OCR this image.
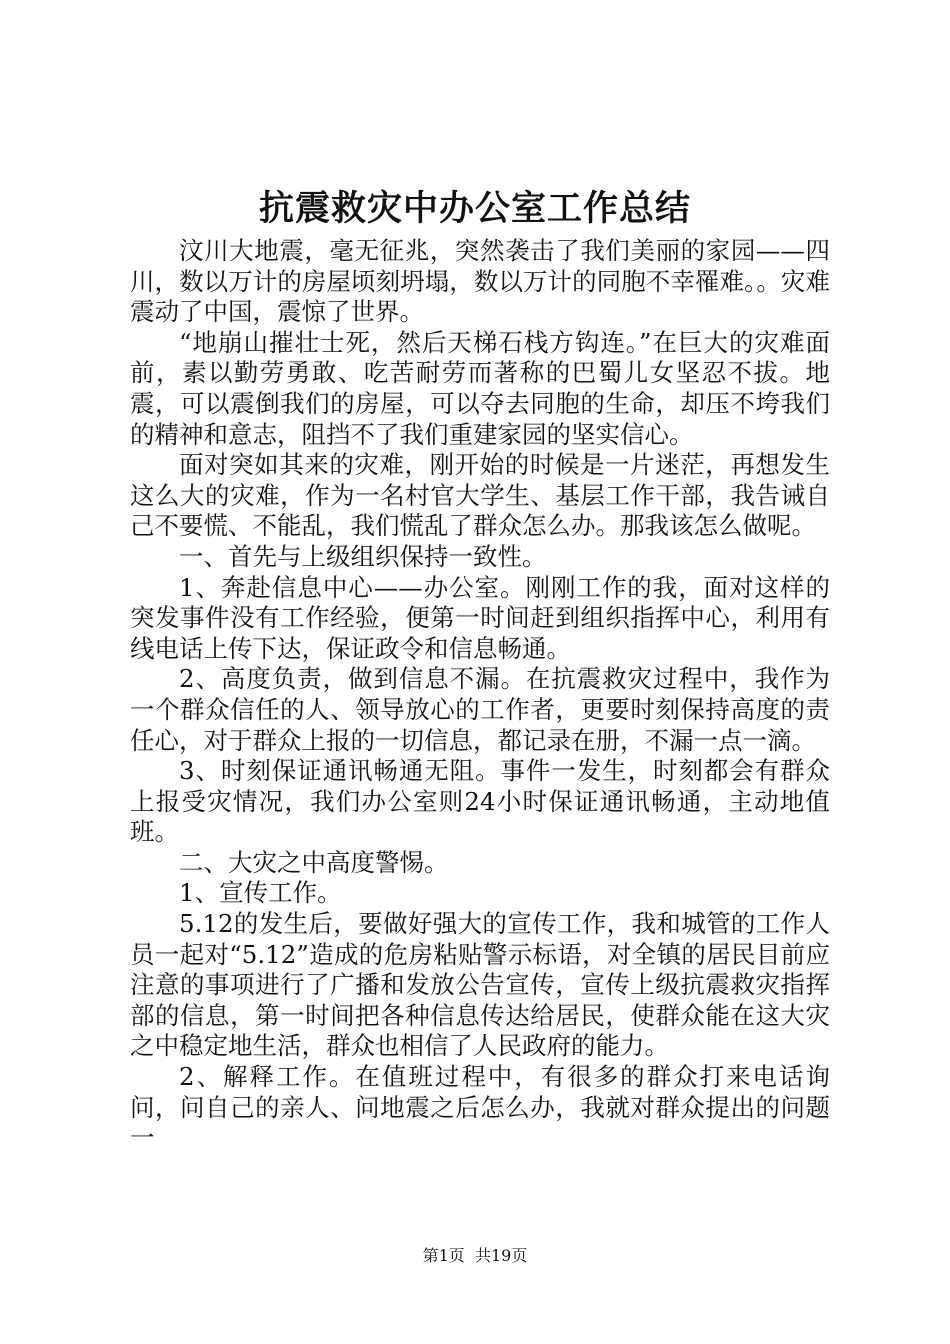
抗震救灾中办公室工作总结

汶川大地震，毫无征兆，突然袭击了我们美丽的家园——四川，数以万计的房屋顷刻坍塌，数以万计的同胞不幸罹难。。灾难震动了中国，震惊了世界。

“地崩山摧壮士死，然后天梯石栈方钩连。”在巨大的灾难面前，素以勤劳勇敢、吃苦耐劳而著称的巴蜀儿女坚忍不拔。地震，可以震倒我们的房屋，可以夺去同胞的生命，却压不垮我们的精神和意志，阻挡不了我们重建家园的坚实信心。

面对突如其来的灾难，刚开始的时候是一片迷茫，再想发生这么大的灾难，作为一名村官大学生、基层工作干部，我告诫自己不要慌、不能乱，我们慌乱了群众怎么办。那我该怎么做呢。

一、首先与上级组织保持一致性。

1、奔赴信息中心——办公室。刚刚工作的我，面对这样的突发事件没有工作经验，便第一时间赶到组织指挥中心，利用有线电话上传下达，保证政令和信息畅通。

2、高度负责，做到信息不漏。在抗震救灾过程中，我作为一个群众信任的人、领导放心的工作者，更要时刻保持高度的责任心，对于群众上报的一切信息，都记录在册，不漏一点一滴。

3、时刻保证通讯畅通无阻。事件一发生，时刻都会有群众上报受灾情况，我们办公室则24小时保证通讯畅通，主动地值班。

二、大灾之中高度警惕。

1、宣传工作。

5.12的发生后，要做好强大的宣传工作，我和城管的工作人员一起对“5.12”造成的危房粘贴警示标语，对全镇的居民目前应注意的事项进行了广播和发放公告宣传，宣传上级抗震救灾指挥部的信息，第一时间把各种信息传达给居民，使群众能在这大灾之中稳定地生活，群众也相信了人民政府的能力。

2、解释工作。在值班过程中，有很多的群众打来电话询问，问自己的亲人、问地震之后怎么办，我就对群众提出的问题一

第1页 共19页
